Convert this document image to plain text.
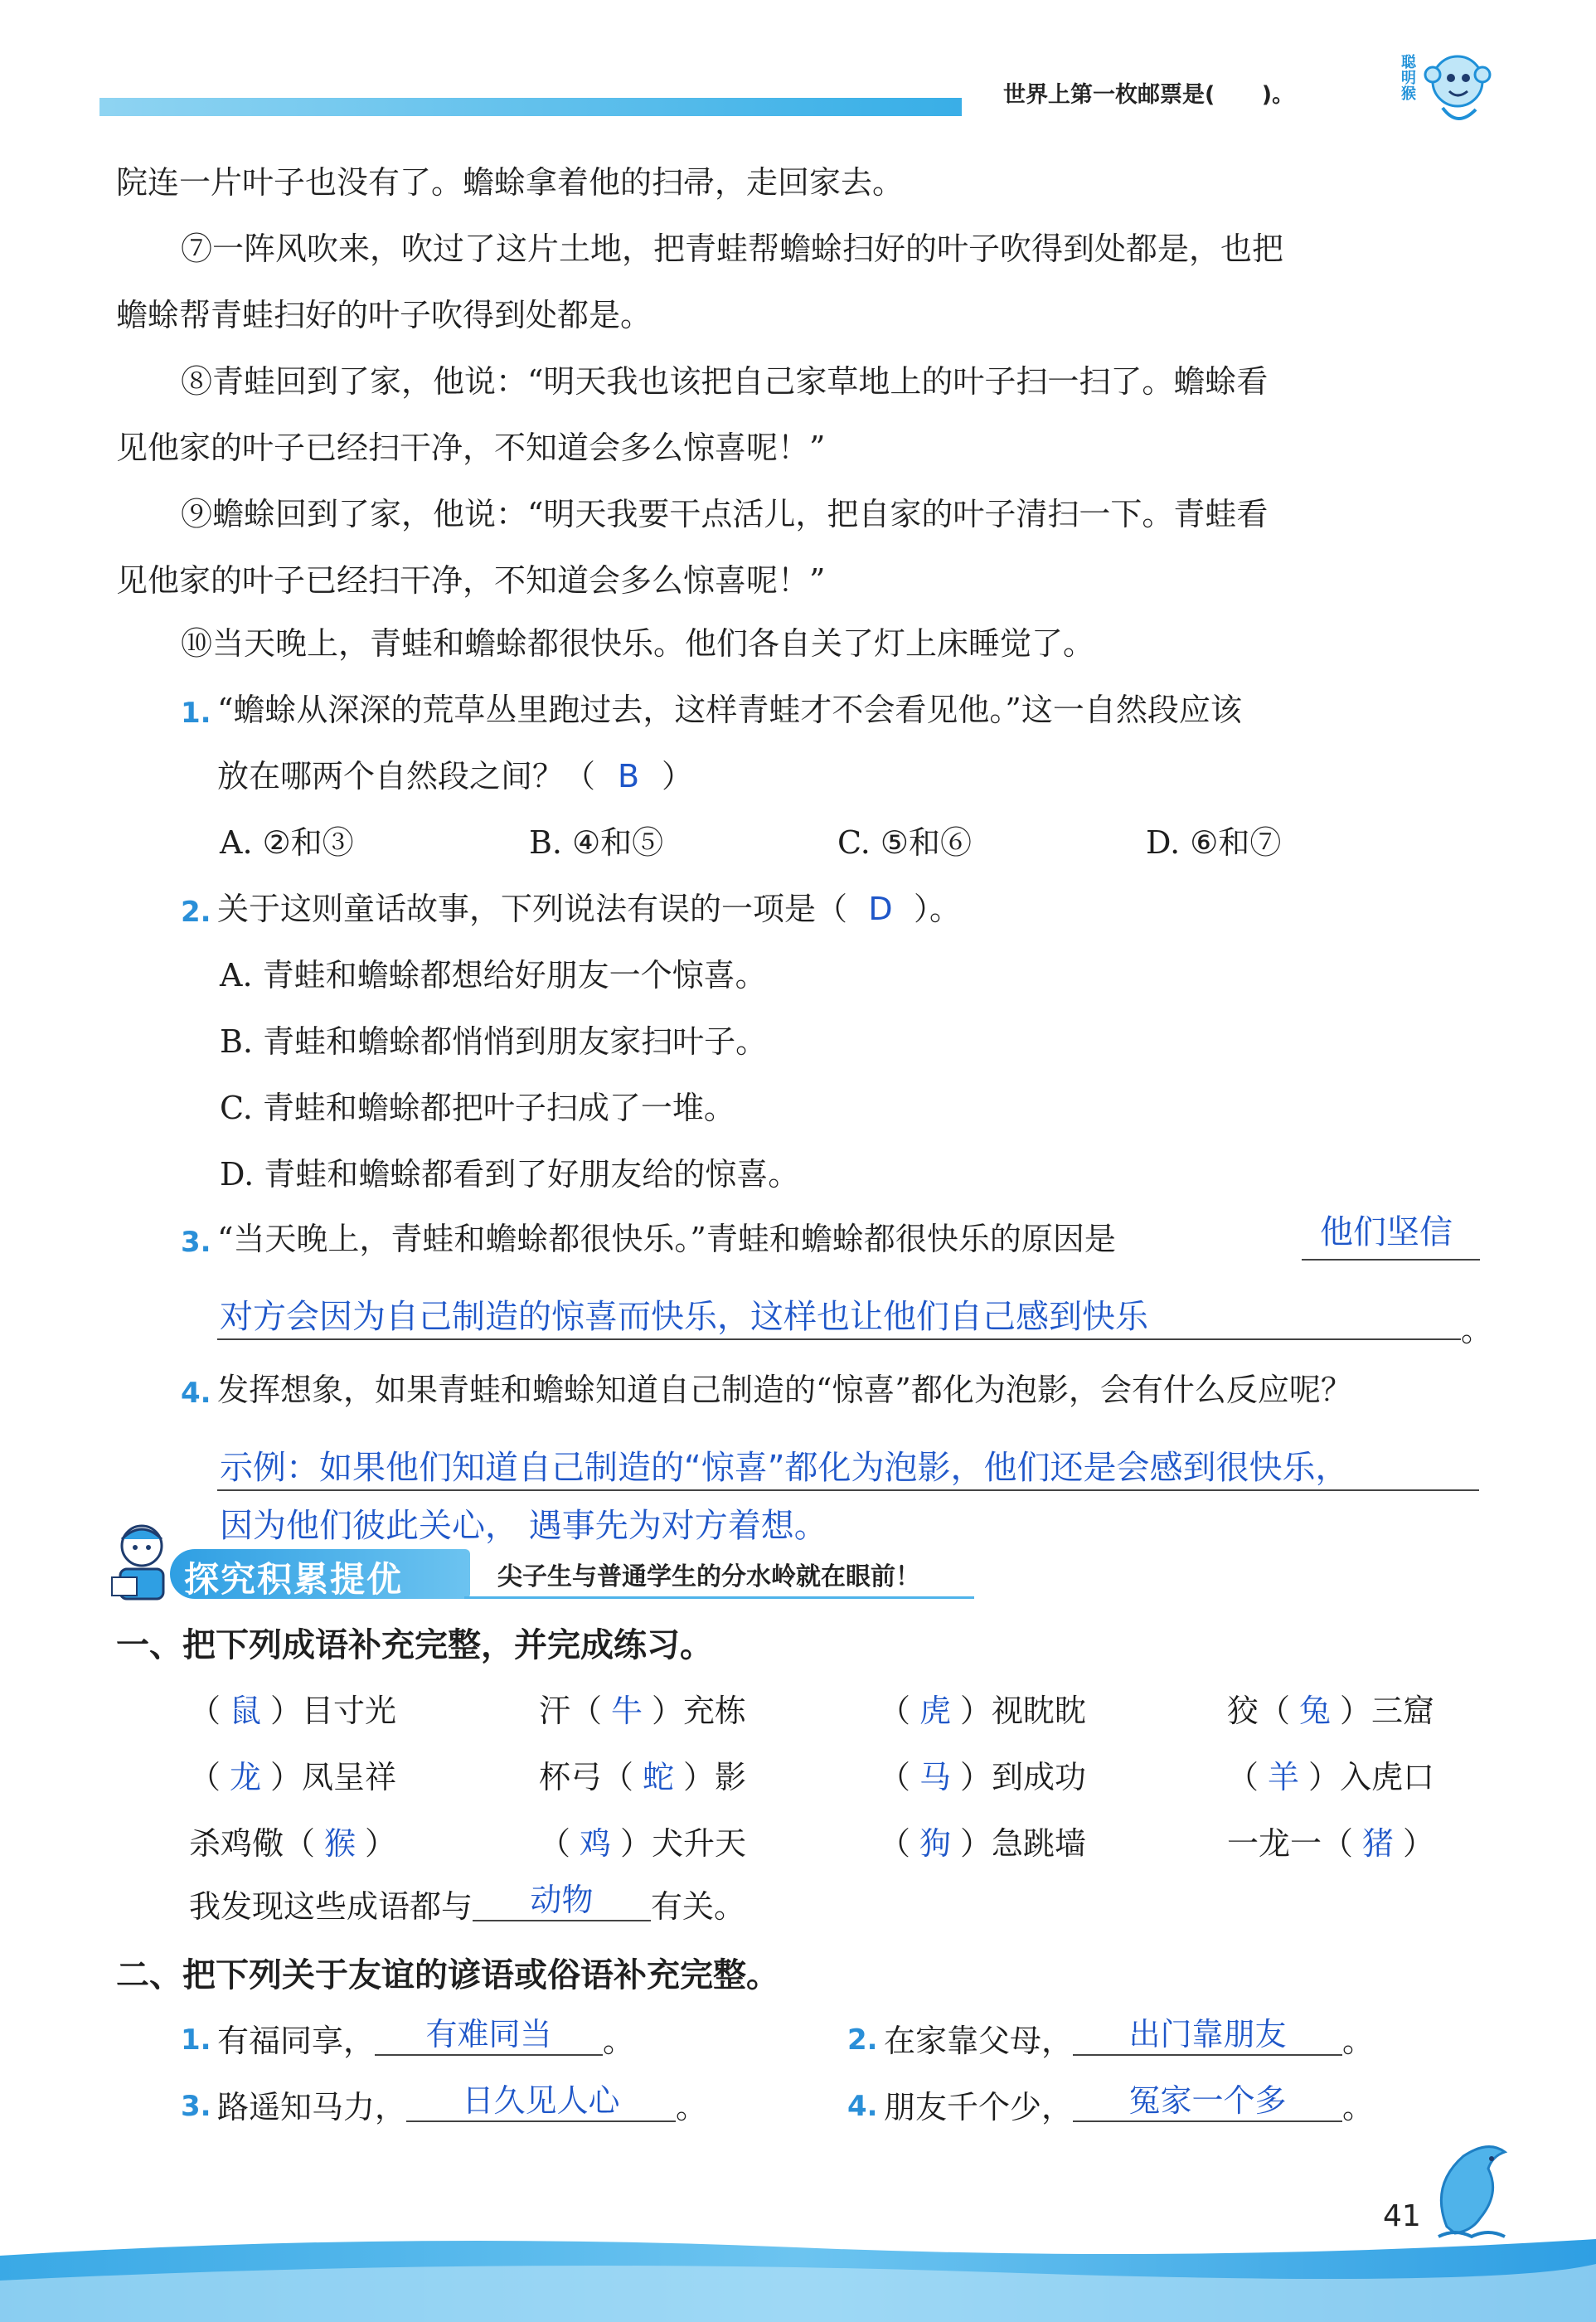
世界上第一枚邮票是(      )。
聪明猴
院连一片叶子也没有了。蟾蜍拿着他的扫帚，走回家去。
⑦一阵风吹来，吹过了这片土地，把青蛙帮蟾蜍扫好的叶子吹得到处都是，也把
蟾蜍帮青蛙扫好的叶子吹得到处都是。
⑧青蛙回到了家，他说：“明天我也该把自己家草地上的叶子扫一扫了。蟾蜍看
见他家的叶子已经扫干净，不知道会多么惊喜呢！”
⑨蟾蜍回到了家，他说：“明天我要干点活儿，把自家的叶子清扫一下。青蛙看
见他家的叶子已经扫干净，不知道会多么惊喜呢！”
⑩当天晚上，青蛙和蟾蜍都很快乐。他们各自关了灯上床睡觉了。
1. “蟾蜍从深深的荒草丛里跑过去，这样青蛙才不会看见他。”这一自然段应该
放在哪两个自然段之间？（ B ）
A. ②和③	B. ④和⑤	C. ⑤和⑥	D. ⑥和⑦
2. 关于这则童话故事，下列说法有误的一项是（ D ）。
A. 青蛙和蟾蜍都想给好朋友一个惊喜。
B. 青蛙和蟾蜍都悄悄到朋友家扫叶子。
C. 青蛙和蟾蜍都把叶子扫成了一堆。
D. 青蛙和蟾蜍都看到了好朋友给的惊喜。
3. “当天晚上，青蛙和蟾蜍都很快乐。”青蛙和蟾蜍都很快乐的原因是	他们坚信
对方会因为自己制造的惊喜而快乐，这样也让他们自己感到快乐	。
4. 发挥想象，如果青蛙和蟾蜍知道自己制造的“惊喜”都化为泡影，会有什么反应呢？
示例：如果他们知道自己制造的“惊喜”都化为泡影，他们还是会感到很快乐，
因为他们彼此关心， 遇事先为对方着想。
探究积累提优	尖子生与普通学生的分水岭就在眼前！
一、把下列成语补充完整，并完成练习。
（ 鼠 ）目寸光	汗（ 牛 ）充栋	（ 虎 ）视眈眈	狡（ 兔 ）三窟
（ 龙 ）凤呈祥	杯弓（ 蛇 ）影	（ 马 ）到成功	（ 羊 ）入虎口
杀鸡儆（ 猴 ）	（ 鸡 ）犬升天	（ 狗 ）急跳墙	一龙一（ 猪 ）
我发现这些成语都与 动物 有关。
二、把下列关于友谊的谚语或俗语补充完整。
1. 有福同享， 有难同当 。	2. 在家靠父母， 出门靠朋友 。
3. 路遥知马力， 日久见人心 。	4. 朋友千个少， 冤家一个多 。
41
